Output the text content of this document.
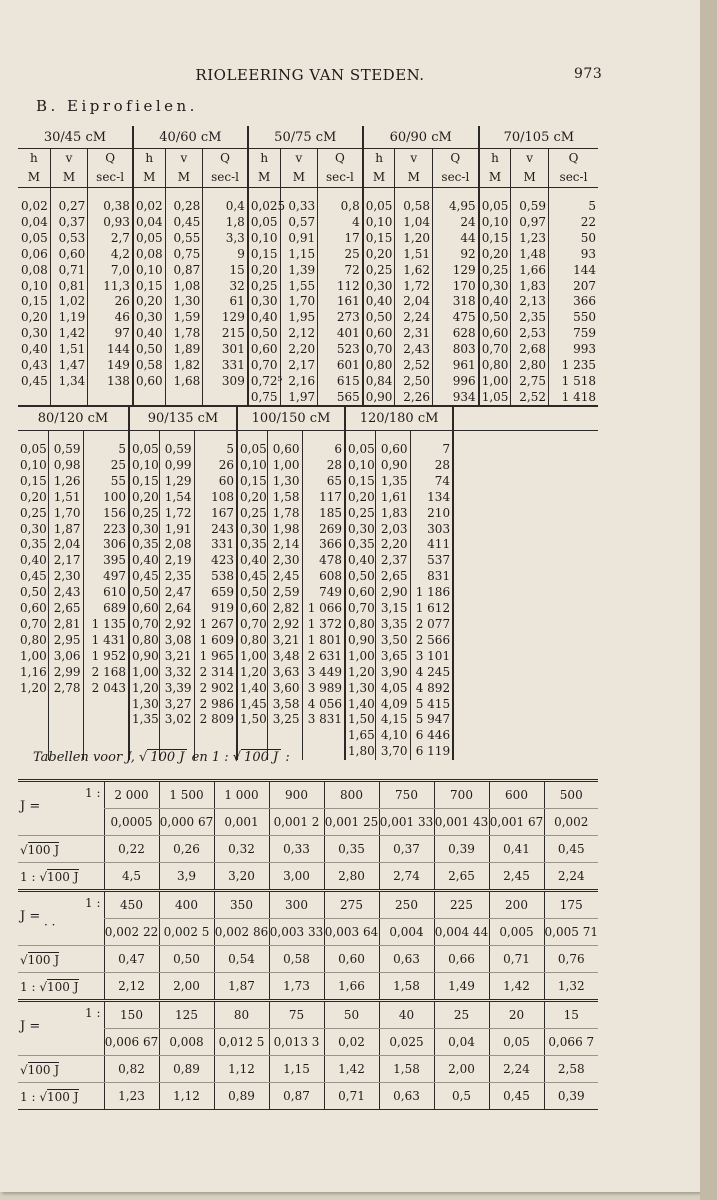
RIOLEERING VAN STEDEN.	973
B. Eiprofielen.
30/45 cM			40/60 cM			50/75 cM			60/90 cM			70/105 cM		
h	v	Q	h	v	Q	h	v	Q	h	v	Q	h	v	Q
M	M	sec-l	M	M	sec-l	M	M	sec-l	M	M	sec-l	M	M	sec-l

0,02	0,27	0,38	0,02	0,28	0,4	0,025	0,33	0,8	0,05	0,58	4,95	0,05	0,59	5
0,04	0,37	0,93	0,04	0,45	1,8	0,05	0,57	4	0,10	1,04	24	0,10	0,97	22
0,05	0,53	2,7	0,05	0,55	3,3	0,10	0,91	17	0,15	1,20	44	0,15	1,23	50
0,06	0,60	4,2	0,08	0,75	9	0,15	1,15	25	0,20	1,51	92	0,20	1,48	93
0,08	0,71	7,0	0,10	0,87	15	0,20	1,39	72	0,25	1,62	129	0,25	1,66	144
0,10	0,81	11,3	0,15	1,08	32	0,25	1,55	112	0,30	1,72	170	0,30	1,83	207
0,15	1,02	26	0,20	1,30	61	0,30	1,70	161	0,40	2,04	318	0,40	2,13	366
0,20	1,19	46	0,30	1,59	129	0,40	1,95	273	0,50	2,24	475	0,50	2,35	550
0,30	1,42	97	0,40	1,78	215	0,50	2,12	401	0,60	2,31	628	0,60	2,53	759
0,40	1,51	144	0,50	1,89	301	0,60	2,20	523	0,70	2,43	803	0,70	2,68	993
0,43	1,47	149	0,58	1,82	331	0,70	2,17	601	0,80	2,52	961	0,80	2,80	1 235
0,45	1,34	138	0,60	1,68	309	0,72⁵	2,16	615	0,84	2,50	996	1,00	2,75	1 518
						0,75	1,97	565	0,90	2,26	934	1,05	2,52	1 418

80/120 cM			90/135 cM			100/150 cM			120/180 cM			

0,05	0,59	5	0,05	0,59	5	0,05	0,60	6	0,05	0,60	7	
0,10	0,98	25	0,10	0,99	26	0,10	1,00	28	0,10	0,90	28	
0,15	1,26	55	0,15	1,29	60	0,15	1,30	65	0,15	1,35	74	
0,20	1,51	100	0,20	1,54	108	0,20	1,58	117	0,20	1,61	134	
0,25	1,70	156	0,25	1,72	167	0,25	1,78	185	0,25	1,83	210	
0,30	1,87	223	0,30	1,91	243	0,30	1,98	269	0,30	2,03	303	
0,35	2,04	306	0,35	2,08	331	0,35	2,14	366	0,35	2,20	411	
0,40	2,17	395	0,40	2,19	423	0,40	2,30	478	0,40	2,37	537	
0,45	2,30	497	0,45	2,35	538	0,45	2,45	608	0,50	2,65	831	
0,50	2,43	610	0,50	2,47	659	0,50	2,59	749	0,60	2,90	1 186	
0,60	2,65	689	0,60	2,64	919	0,60	2,82	1 066	0,70	3,15	1 612	
0,70	2,81	1 135	0,70	2,92	1 267	0,70	2,92	1 372	0,80	3,35	2 077	
0,80	2,95	1 431	0,80	3,08	1 609	0,80	3,21	1 801	0,90	3,50	2 566	
1,00	3,06	1 952	0,90	3,21	1 965	1,00	3,48	2 631	1,00	3,65	3 101	
1,16	2,99	2 168	1,00	3,32	2 314	1,20	3,63	3 449	1,20	3,90	4 245	
1,20	2,78	2 043	1,20	3,39	2 902	1,40	3,60	3 989	1,30	4,05	4 892	
			1,30	3,27	2 986	1,45	3,58	4 056	1,40	4,09	5 415	
			1,35	3,02	2 809	1,50	3,25	3 831	1,50	4,15	5 947	
									1,65	4,10	6 446	
									1,80	3,70	6 119	
Tabellen voor J, √ 100 J en 1 : √ 100 J :
J =
1 :	2 000	1 500	1 000	900	800	750	700	600	500
	0,0005	0,000 67	0,001	0,001 2	0,001 25	0,001 33	0,001 43	0,001 67	0,002
√100 J	0,22	0,26	0,32	0,33	0,35	0,37	0,39	0,41	0,45
1 : √100 J	4,5	3,9	3,20	3,00	2,80	2,74	2,65	2,45	2,24

J =
1 :
· ·	450	400	350	300	275	250	225	200	175
	0,002 22	0,002 5	0,002 86	0,003 33	0,003 64	0,004	0,004 44	0,005	0,005 71
√100 J	0,47	0,50	0,54	0,58	0,60	0,63	0,66	0,71	0,76
1 : √100 J	2,12	2,00	1,87	1,73	1,66	1,58	1,49	1,42	1,32

J =
1 :	150	125	80	75	50	40	25	20	15
	0,006 67	0,008	0,012 5	0,013 3	0,02	0,025	0,04	0,05	0,066 7
√100 J	0,82	0,89	1,12	1,15	1,42	1,58	2,00	2,24	2,58
1 : √100 J	1,23	1,12	0,89	0,87	0,71	0,63	0,5	0,45	0,39
